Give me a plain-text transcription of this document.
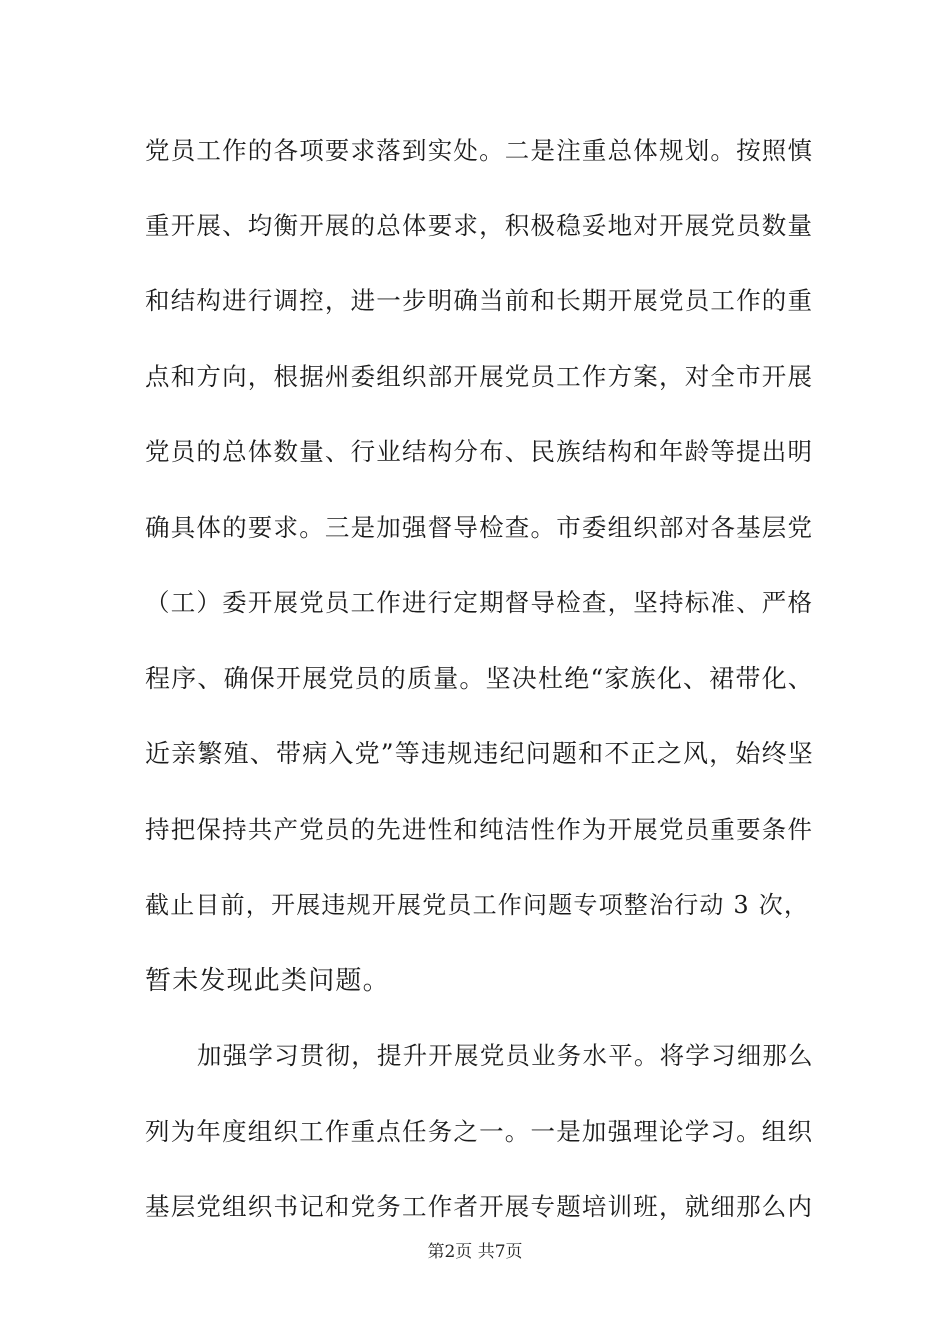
党员工作的各项要求落到实处。二是注重总体规划。按照慎
重开展、均衡开展的总体要求，积极稳妥地对开展党员数量
和结构进行调控，进一步明确当前和长期开展党员工作的重
点和方向，根据州委组织部开展党员工作方案，对全市开展
党员的总体数量、行业结构分布、民族结构和年龄等提出明
确具体的要求。三是加强督导检查。市委组织部对各基层党
（工）委开展党员工作进行定期督导检查，坚持标准、严格
程序、确保开展党员的质量。坚决杜绝“家族化、裙带化、
近亲繁殖、带病入党”等违规违纪问题和不正之风，始终坚
持把保持共产党员的先进性和纯洁性作为开展党员重要条件
截止目前，开展违规开展党员工作问题专项整治行动 3 次，
暂未发现此类问题。
加强学习贯彻，提升开展党员业务水平。将学习细那么
列为年度组织工作重点任务之一。一是加强理论学习。组织
基层党组织书记和党务工作者开展专题培训班，就细那么内
第2页 共7页
